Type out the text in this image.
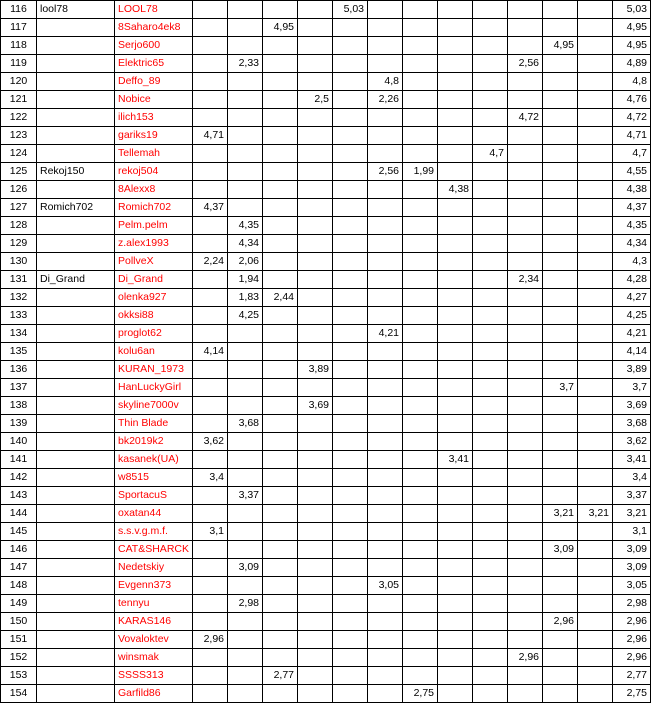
116	lool78	LOOL78					5,03								5,03
117		8Saharo4ek8			4,95										4,95
118		Serjo600											4,95		4,95
119		Elektric65		2,33								2,56			4,89
120		Deffo_89						4,8							4,8
121		Nobice				2,5		2,26							4,76
122		ilich153										4,72			4,72
123		gariks19	4,71												4,71
124		Tellemah									4,7				4,7
125	Rekoj150	rekoj504						2,56	1,99						4,55
126		8Alexx8								4,38					4,38
127	Romich702	Romich702	4,37												4,37
128		Pelm.pelm		4,35											4,35
129		z.alex1993		4,34											4,34
130		PollveX	2,24	2,06											4,3
131	Di_Grand	Di_Grand		1,94								2,34			4,28
132		olenka927		1,83	2,44										4,27
133		okksi88		4,25											4,25
134		proglot62						4,21							4,21
135		kolu6an	4,14												4,14
136		KURAN_1973				3,89									3,89
137		HanLuckyGirl											3,7		3,7
138		skyline7000v				3,69									3,69
139		Thin Blade		3,68											3,68
140		bk2019k2	3,62												3,62
141		kasanek(UA)								3,41					3,41
142		w8515	3,4												3,4
143		SportacuS		3,37											3,37
144		oxatan44											3,21	3,21	3,21
145		s.s.v.g.m.f.	3,1												3,1
146		CAT&SHARCK											3,09		3,09
147		Nedetskiy		3,09											3,09
148		Evgenn373						3,05							3,05
149		tennyu		2,98											2,98
150		KARAS146											2,96		2,96
151		Vovaloktev	2,96												2,96
152		winsmak										2,96			2,96
153		SSSS313			2,77										2,77
154		Garfild86							2,75						2,75
